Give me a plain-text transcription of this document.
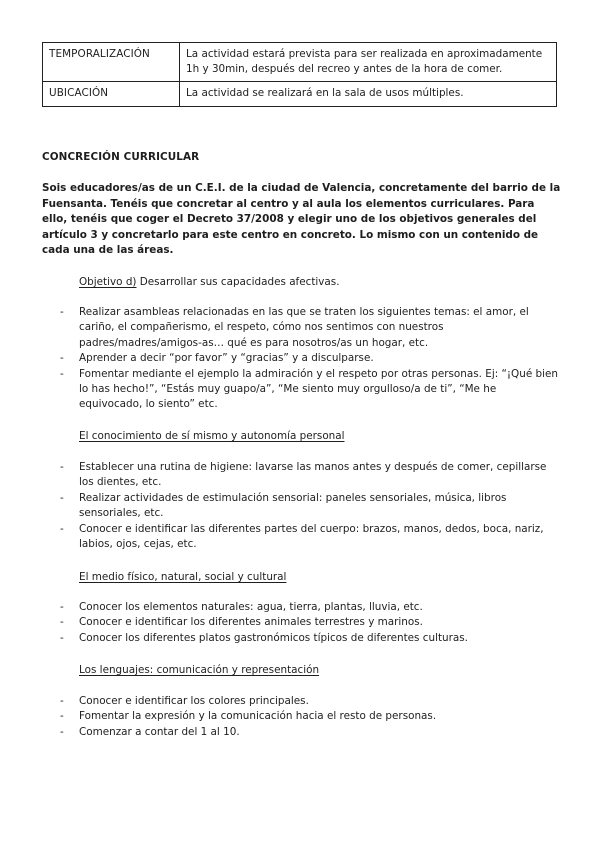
TEMPORALIZACIÓN	La actividad estará prevista para ser realizada en aproximadamente 1h y 30min, después del recreo y antes de la hora de comer.
UBICACIÓN	La actividad se realizará en la sala de usos múltiples.
CONCRECIÓN CURRICULAR
Sois educadores/as de un C.E.I. de la ciudad de Valencia, concretamente del barrio de la Fuensanta. Tenéis que concretar al centro y al aula los elementos curriculares. Para ello, tenéis que coger el Decreto 37/2008 y elegir uno de los objetivos generales del artículo 3 y concretarlo para este centro en concreto. Lo mismo con un contenido de cada una de las áreas.
Objetivo d) Desarrollar sus capacidades afectivas.
- Realizar asambleas relacionadas en las que se traten los siguientes temas: el amor, el cariño, el compañerismo, el respeto, cómo nos sentimos con nuestros padres/madres/amigos-as… qué es para nosotros/as un hogar, etc.
- Aprender a decir “por favor” y “gracias” y a disculparse.
- Fomentar mediante el ejemplo la admiración y el respeto por otras personas. Ej: “¡Qué bien lo has hecho!”, “Estás muy guapo/a”, “Me siento muy orgulloso/a de ti”, “Me he equivocado, lo siento” etc.
El conocimiento de sí mismo y autonomía personal
- Establecer una rutina de higiene: lavarse las manos antes y después de comer, cepillarse los dientes, etc.
- Realizar actividades de estimulación sensorial: paneles sensoriales, música, libros sensoriales, etc.
- Conocer e identificar las diferentes partes del cuerpo: brazos, manos, dedos, boca, nariz, labios, ojos, cejas, etc.
El medio físico, natural, social y cultural
- Conocer los elementos naturales: agua, tierra, plantas, lluvia, etc.
- Conocer e identificar los diferentes animales terrestres y marinos.
- Conocer los diferentes platos gastronómicos típicos de diferentes culturas.
Los lenguajes: comunicación y representación
- Conocer e identificar los colores principales.
- Fomentar la expresión y la comunicación hacia el resto de personas.
- Comenzar a contar del 1 al 10.
